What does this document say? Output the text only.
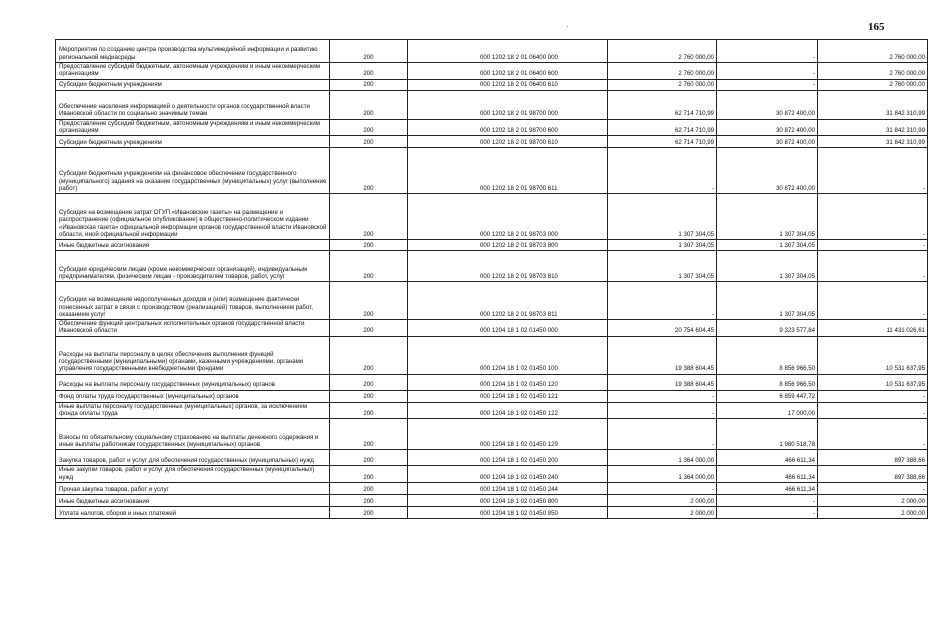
165
·
Мероприятия по созданию центра производства мультимедийной информации и развитию региональной медиасреды	200	000 1202 18 2 01 06400 000	2 760 000,00	-	2 760 000,00
Предоставление субсидий бюджетным, автономным учреждениям и иным некоммерческим организациям	200	000 1202 18 2 01 06400 600	2 760 000,00	-	2 760 000,00
Субсидии бюджетным учреждениям	200	000 1202 18 2 01 06400 610	2 760 000,00	-	2 760 000,00
Обеспечение населения информацией о деятельности органов государственной власти Ивановской области по социально значимым темам	200	000 1202 18 2 01 98700 000	62 714 710,99	30 872 400,00	31 842 310,99
Предоставление субсидий бюджетным, автономным учреждениям и иным некоммерческим организациям	200	000 1202 18 2 01 98700 600	62 714 710,99	30 872 400,00	31 842 310,99
Субсидии бюджетным учреждениям	200	000 1202 18 2 01 98700 610	62 714 710,99	30 872 400,00	31 842 310,99
Субсидии бюджетным учреждениям на финансовое обеспечение государственного (муниципального) задания на оказание государственных (муниципальных) услуг (выполнение работ)	200	000 1202 18 2 01 98700 611	-	30 872 400,00	-
Субсидия на возмещение затрат ОГУП «Ивановские газеты» на размещение и распространение (официальное опубликование) в общественно-политическом издании «Ивановская газета» официальной информации органов государственной власти Ивановской области, иной официальной информации	200	000 1202 18 2 01 98703 000	1 307 304,05	1 307 304,05	-
Иные бюджетные ассигнования	200	000 1202 18 2 01 98703 800	1 307 304,05	1 307 304,05	-
Субсидии юридическим лицам (кроме некоммерческих организаций), индивидуальным предпринимателям, физическим лицам - производителям товаров, работ, услуг	200	000 1202 18 2 01 98703 810	1 307 304,05	1 307 304,05	-
Субсидии на возмещение недополученных доходов и (или) возмещение фактически понесенных затрат в связи с производством (реализацией) товаров, выполнением работ, оказанием услуг	200	000 1202 18 2 01 98703 811	-	1 307 304,05	-
Обеспечение функций центральных исполнительных органов государственной власти Ивановской области	200	000 1204 18 1 02 01450 000	20 754 604,45	9 323 577,84	11 431 026,61
Расходы на выплаты персоналу в целях обеспечения выполнения функций государственными (муниципальными) органами, казенными учреждениями, органами управления государственными внебюджетными фондами	200	000 1204 18 1 02 01450 100	19 388 604,45	8 856 966,50	10 531 637,95
Расходы на выплаты персоналу государственных (муниципальных) органов	200	000 1204 18 1 02 01450 120	19 388 604,45	8 856 966,50	10 531 637,95
Фонд оплаты труда государственных (муниципальных) органов	200	000 1204 18 1 02 01450 121	-	6 859 447,72	-
Иные выплаты персоналу государственных (муниципальных) органов, за исключением фонда оплаты труда	200	000 1204 18 1 02 01450 122	-	17 000,00	-
Взносы по обязательному социальному страхованию на выплаты денежного содержания и иные выплаты работникам государственных (муниципальных) органов	200	000 1204 18 1 02 01450 129	-	1 980 518,78	-
Закупка товаров, работ и услуг для обеспечения государственных (муниципальных) нужд	200	000 1204 18 1 02 01450 200	1 364 000,00	466 611,34	897 388,66
Иные закупки товаров, работ и услуг для обеспечения государственных (муниципальных) нужд	200	000 1204 18 1 02 01450 240	1 364 000,00	466 611,34	897 388,66
Прочая закупка товаров, работ и услуг	200	000 1204 18 1 02 01450 244	-	466 611,34	-
Иные бюджетные ассигнования	200	000 1204 18 1 02 01450 800	2 000,00	-	2 000,00
Уплата налогов, сборов и иных платежей	200	000 1204 18 1 02 01450 850	2 000,00	-	2 000,00
